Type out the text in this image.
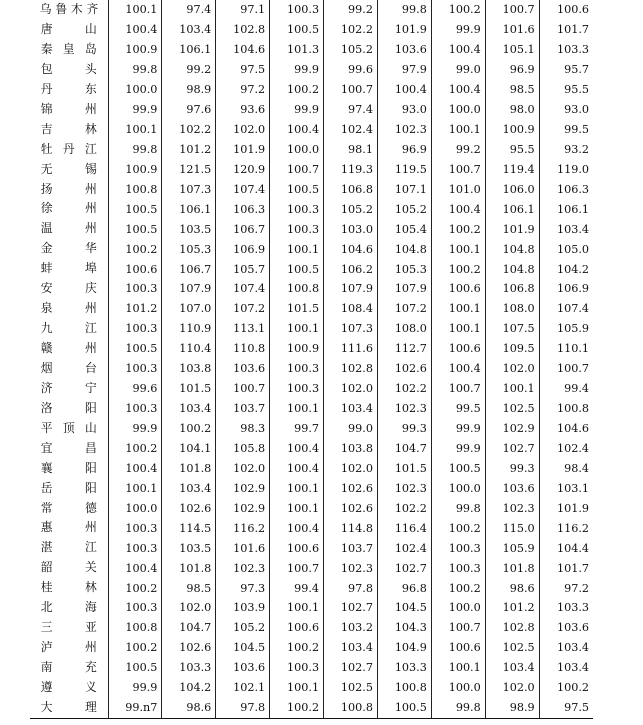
乌鲁木齐	100.1	97.4	97.1	100.3	99.2	99.8	100.2	100.7	100.6
唐山	100.4	103.4	102.8	100.5	102.2	101.9	99.9	101.6	101.7
秦皇岛	100.9	106.1	104.6	101.3	105.2	103.6	100.4	105.1	103.3
包头	99.8	99.2	97.5	99.9	99.6	97.9	99.0	96.9	95.7
丹东	100.0	98.9	97.2	100.2	100.7	100.4	100.4	98.5	95.5
锦州	99.9	97.6	93.6	99.9	97.4	93.0	100.0	98.0	93.0
吉林	100.1	102.2	102.0	100.4	102.4	102.3	100.1	100.9	99.5
牡丹江	99.8	101.2	101.9	100.0	98.1	96.9	99.2	95.5	93.2
无锡	100.9	121.5	120.9	100.7	119.3	119.5	100.7	119.4	119.0
扬州	100.8	107.3	107.4	100.5	106.8	107.1	101.0	106.0	106.3
徐州	100.5	106.1	106.3	100.3	105.2	105.2	100.4	106.1	106.1
温州	100.5	103.5	106.7	100.3	103.0	105.4	100.2	101.9	103.4
金华	100.2	105.3	106.9	100.1	104.6	104.8	100.1	104.8	105.0
蚌埠	100.6	106.7	105.7	100.5	106.2	105.3	100.2	104.8	104.2
安庆	100.3	107.9	107.4	100.8	107.9	107.9	100.6	106.8	106.9
泉州	101.2	107.0	107.2	101.5	108.4	107.2	100.1	108.0	107.4
九江	100.3	110.9	113.1	100.1	107.3	108.0	100.1	107.5	105.9
赣州	100.5	110.4	110.8	100.9	111.6	112.7	100.6	109.5	110.1
烟台	100.3	103.8	103.6	100.3	102.8	102.6	100.4	102.0	100.7
济宁	99.6	101.5	100.7	100.3	102.0	102.2	100.7	100.1	99.4
洛阳	100.3	103.4	103.7	100.1	103.4	102.3	99.5	102.5	100.8
平顶山	99.9	100.2	98.3	99.7	99.0	99.3	99.9	102.9	104.6
宜昌	100.2	104.1	105.8	100.4	103.8	104.7	99.9	102.7	102.4
襄阳	100.4	101.8	102.0	100.4	102.0	101.5	100.5	99.3	98.4
岳阳	100.1	103.4	102.9	100.1	102.6	102.3	100.0	103.6	103.1
常德	100.0	102.6	102.9	100.1	102.6	102.2	99.8	102.3	101.9
惠州	100.3	114.5	116.2	100.4	114.8	116.4	100.2	115.0	116.2
湛江	100.3	103.5	101.6	100.6	103.7	102.4	100.3	105.9	104.4
韶关	100.4	101.8	102.3	100.7	102.3	102.7	100.3	101.8	101.7
桂林	100.2	98.5	97.3	99.4	97.8	96.8	100.2	98.6	97.2
北海	100.3	102.0	103.9	100.1	102.7	104.5	100.0	101.2	103.3
三亚	100.8	104.7	105.2	100.6	103.2	104.3	100.7	102.8	103.6
泸州	100.2	102.6	104.5	100.2	103.4	104.9	100.6	102.5	103.4
南充	100.5	103.3	103.6	100.3	102.7	103.3	100.1	103.4	103.4
遵义	99.9	104.2	102.1	100.1	102.5	100.8	100.0	102.0	100.2
大理	99.n7	98.6	97.8	100.2	100.8	100.5	99.8	98.9	97.5
